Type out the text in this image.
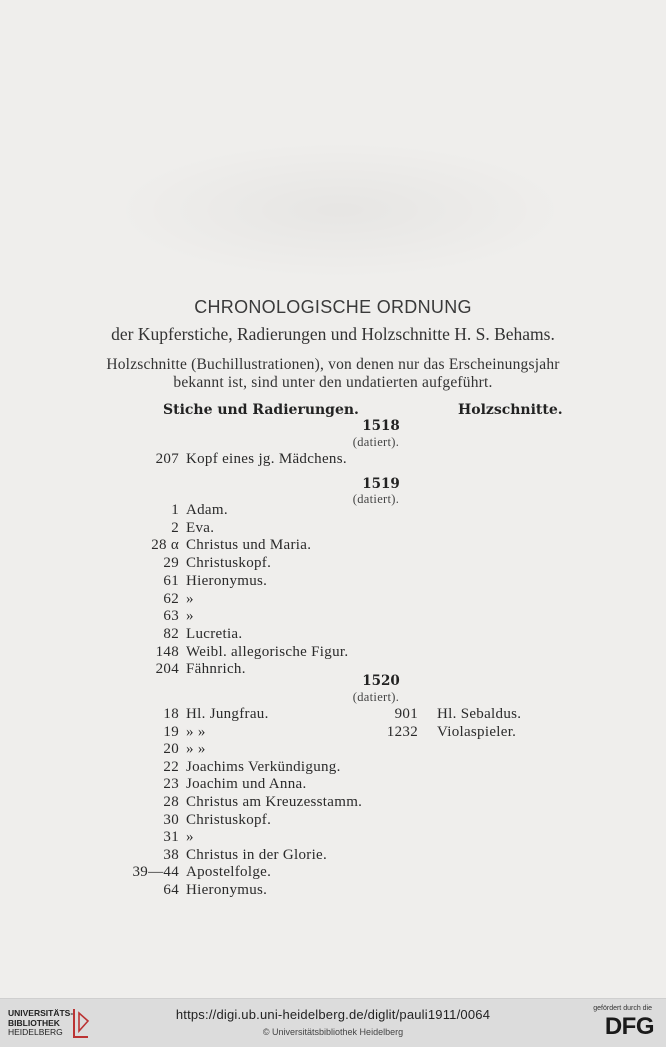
CHRONOLOGISCHE ORDNUNG
der Kupferstiche, Radierungen und Holzschnitte H. S. Behams.
Holzschnitte (Buchillustrationen), von denen nur das Erscheinungsjahr
bekannt ist, sind unter den undatierten aufgeführt.
Stiche und Radierungen.	Holzschnitte.
1518
(datiert).
207 Kopf eines jg. Mädchens.
1519
(datiert).
1 Adam.
2 Eva.
28 α Christus und Maria.
29 Christuskopf.
61 Hieronymus.
62 »
63 »
82 Lucretia.
148 Weibl. allegorische Figur.
204 Fähnrich.
1520
(datiert).
18 Hl. Jungfrau.
19 » »
20 » »
22 Joachims Verkündigung.
23 Joachim und Anna.
28 Christus am Kreuzesstamm.
30 Christuskopf.
31 »
38 Christus in der Glorie.
39—44 Apostelfolge.
64 Hieronymus.
901 Hl. Sebaldus.
1232 Violaspieler.
UNIVERSITÄTS-
BIBLIOTHEK
HEIDELBERG
https://digi.ub.uni-heidelberg.de/diglit/pauli1911/0064
© Universitätsbibliothek Heidelberg
gefördert durch die
DFG
